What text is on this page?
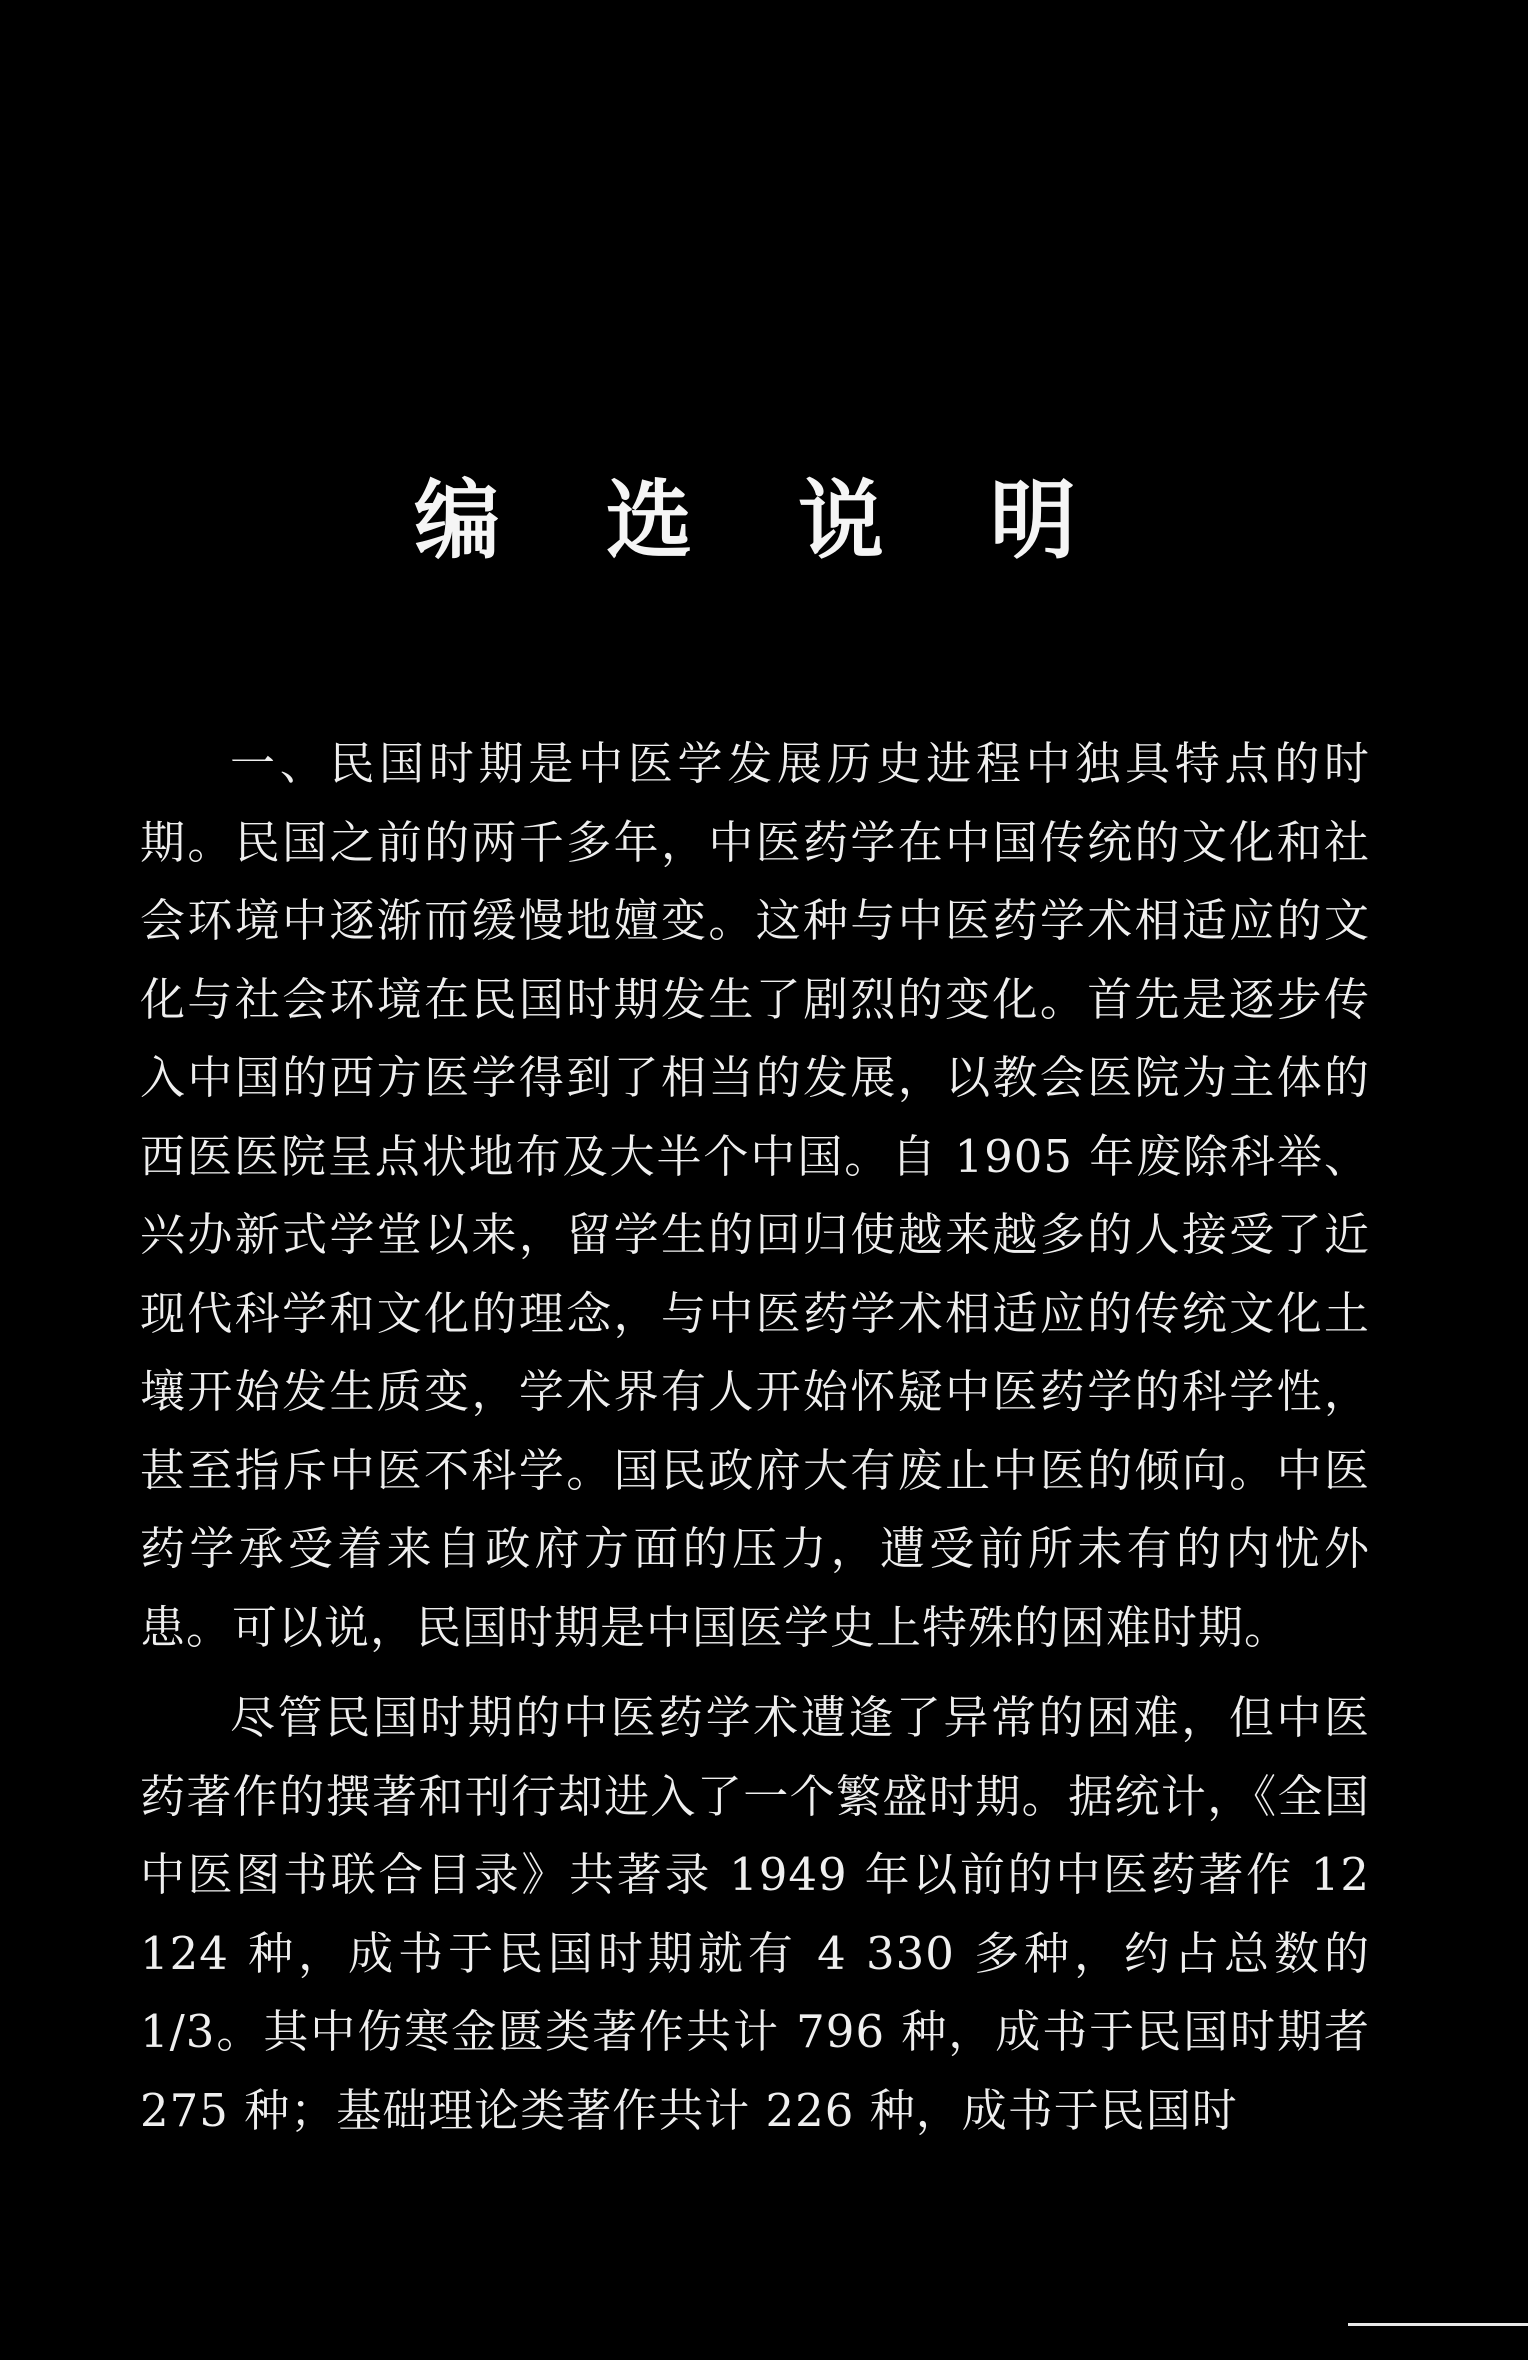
编 选 说 明

一、民国时期是中医学发展历史进程中独具特点的时期。民国之前的两千多年，中医药学在中国传统的文化和社会环境中逐渐而缓慢地嬗变。这种与中医药学术相适应的文化与社会环境在民国时期发生了剧烈的变化。首先是逐步传入中国的西方医学得到了相当的发展，以教会医院为主体的西医医院呈点状地布及大半个中国。自 1905 年废除科举、兴办新式学堂以来，留学生的回归使越来越多的人接受了近现代科学和文化的理念，与中医药学术相适应的传统文化土壤开始发生质变，学术界有人开始怀疑中医药学的科学性，甚至指斥中医不科学。国民政府大有废止中医的倾向。中医药学承受着来自政府方面的压力，遭受前所未有的内忧外患。可以说，民国时期是中国医学史上特殊的困难时期。

尽管民国时期的中医药学术遭逢了异常的困难，但中医药著作的撰著和刊行却进入了一个繁盛时期。据统计，《全国中医图书联合目录》共著录 1949 年以前的中医药著作 12 124 种，成书于民国时期就有 4 330 多种，约占总数的 1/3。其中伤寒金匮类著作共计 796 种，成书于民国时期者 275 种；基础理论类著作共计 226 种，成书于民国时
